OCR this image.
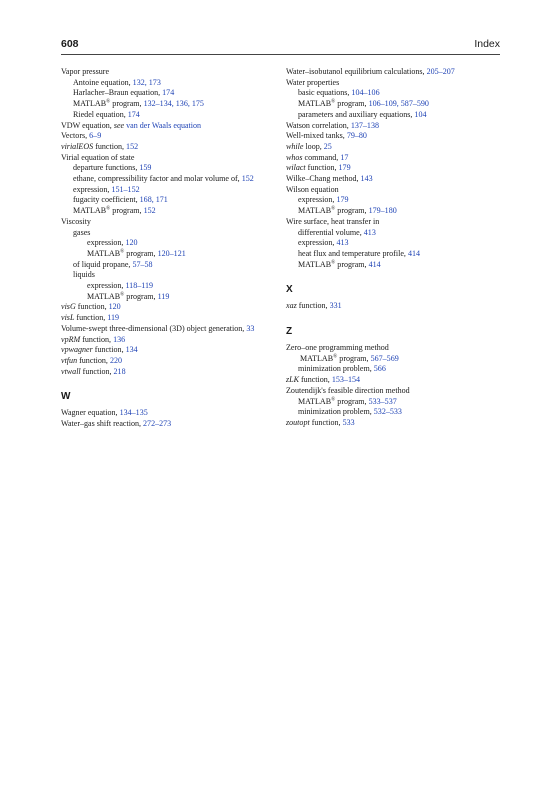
608	Index
Vapor pressure
Antoine equation, 132, 173
Harlacher–Braun equation, 174
MATLAB® program, 132–134, 136, 175
Riedel equation, 174
VDW equation, see van der Waals equation
Vectors, 6–9
virialEOS function, 152
Virial equation of state
departure functions, 159
ethane, compressibility factor and molar volume of, 152
expression, 151–152
fugacity coefficient, 168, 171
MATLAB® program, 152
Viscosity
gases
expression, 120
MATLAB® program, 120–121
of liquid propane, 57–58
liquids
expression, 118–119
MATLAB® program, 119
visG function, 120
visL function, 119
Volume-swept three-dimensional (3D) object generation, 33
vpRM function, 136
vpwagner function, 134
vtfun function, 220
vtwall function, 218
W
Wagner equation, 134–135
Water–gas shift reaction, 272–273
Water–isobutanol equilibrium calculations, 205–207
Water properties
basic equations, 104–106
MATLAB® program, 106–109, 587–590
parameters and auxiliary equations, 104
Watson correlation, 137–138
Well-mixed tanks, 79–80
while loop, 25
whos command, 17
wilact function, 179
Wilke–Chang method, 143
Wilson equation
expression, 179
MATLAB® program, 179–180
Wire surface, heat transfer in
differential volume, 413
expression, 413
heat flux and temperature profile, 414
MATLAB® program, 414
X
xaz function, 331
Z
Zero–one programming method
MATLAB® program, 567–569
minimization problem, 566
zLK function, 153–154
Zoutendijk's feasible direction method
MATLAB® program, 533–537
minimization problem, 532–533
zoutopt function, 533
